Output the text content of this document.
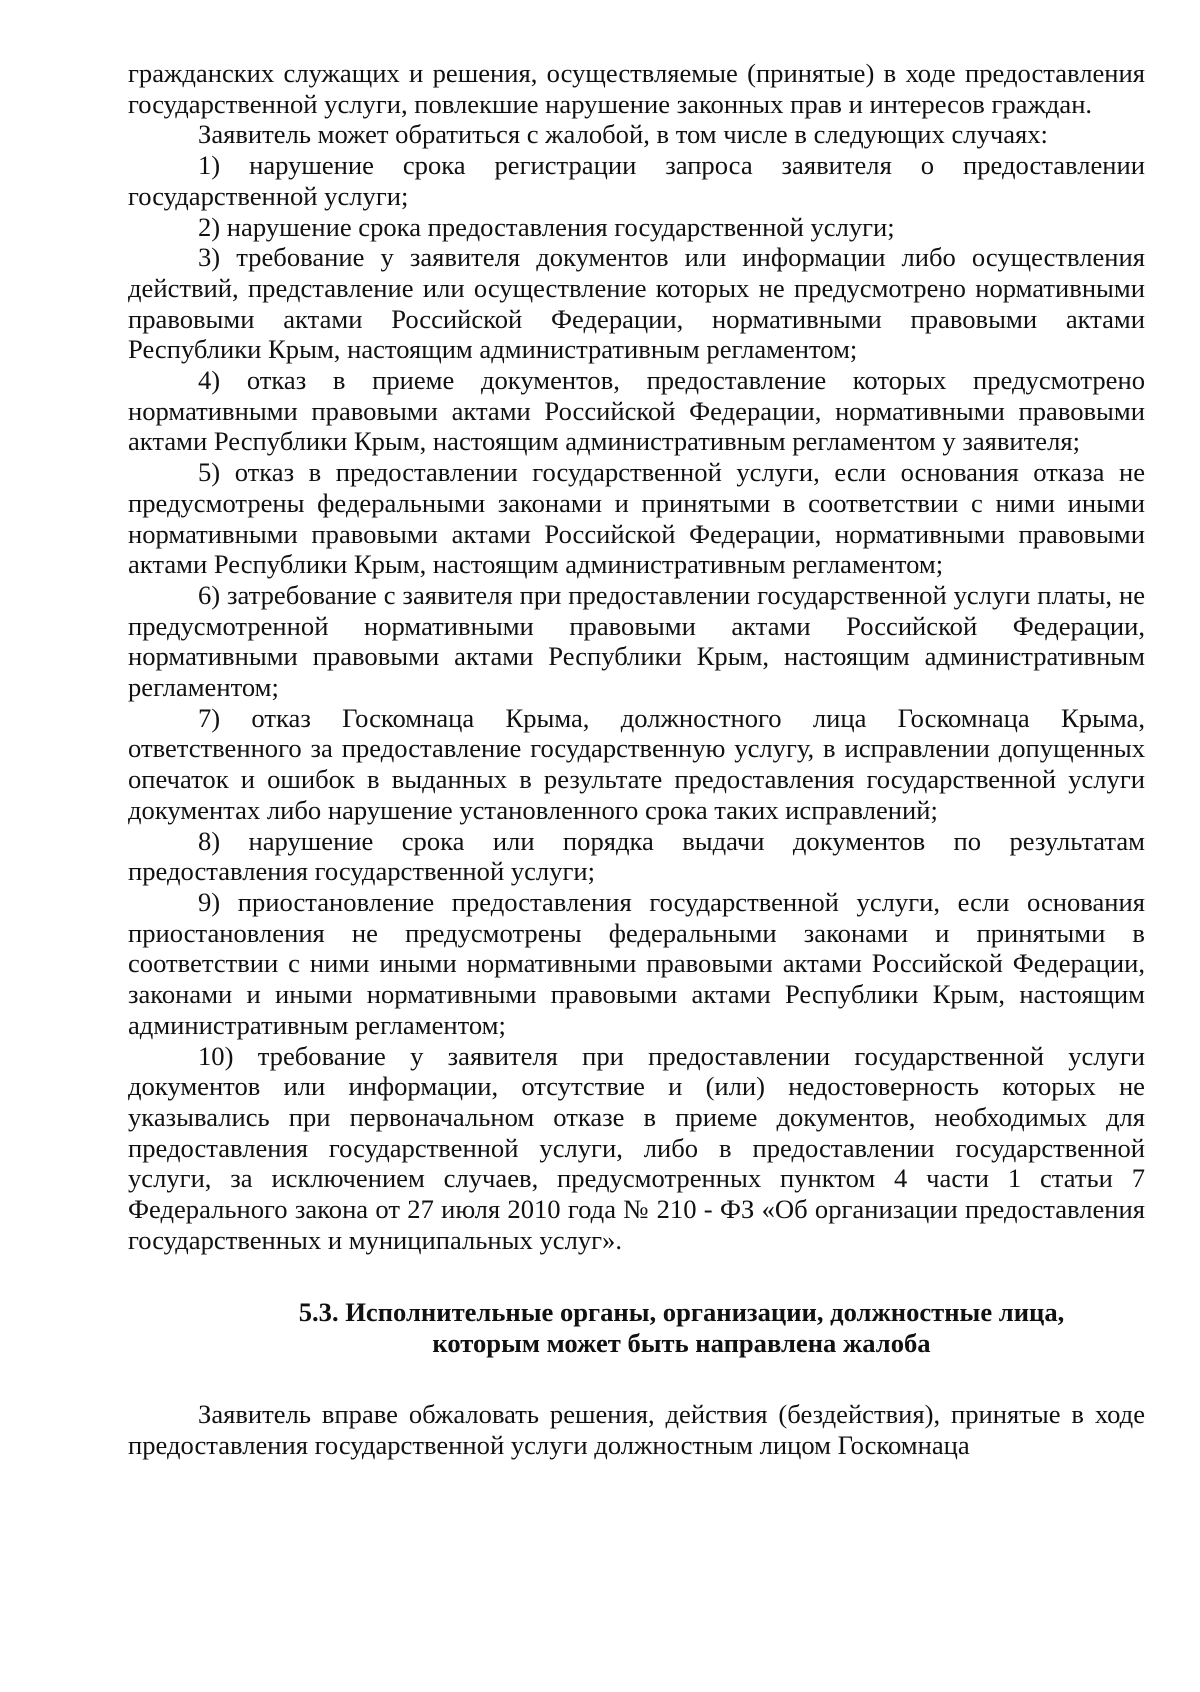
гражданских служащих и решения, осуществляемые (принятые) в ходе предоставления государственной услуги, повлекшие нарушение законных прав и интересов граждан.

Заявитель может обратиться с жалобой, в том числе в следующих случаях:

1) нарушение срока регистрации запроса заявителя о предоставлении государственной услуги;

2) нарушение срока предоставления государственной услуги;

3) требование у заявителя документов или информации либо осуществления действий, представление или осуществление которых не предусмотрено нормативными правовыми актами Российской Федерации, нормативными правовыми актами Республики Крым, настоящим административным регламентом;

4) отказ в приеме документов, предоставление которых предусмотрено нормативными правовыми актами Российской Федерации, нормативными правовыми актами Республики Крым, настоящим административным регламентом у заявителя;

5) отказ в предоставлении государственной услуги, если основания отказа не предусмотрены федеральными законами и принятыми в соответствии с ними иными нормативными правовыми актами Российской Федерации, нормативными правовыми актами Республики Крым, настоящим административным регламентом;

6) затребование с заявителя при предоставлении государственной услуги платы, не предусмотренной нормативными правовыми актами Российской Федерации, нормативными правовыми актами Республики Крым, настоящим административным регламентом;

7) отказ Госкомнаца Крыма, должностного лица Госкомнаца Крыма, ответственного за предоставление государственную услугу, в исправлении допущенных опечаток и ошибок в выданных в результате предоставления государственной услуги документах либо нарушение установленного срока таких исправлений;

8) нарушение срока или порядка выдачи документов по результатам предоставления государственной услуги;

9) приостановление предоставления государственной услуги, если основания приостановления не предусмотрены федеральными законами и принятыми в соответствии с ними иными нормативными правовыми актами Российской Федерации, законами и иными нормативными правовыми актами Республики Крым, настоящим административным регламентом;

10) требование у заявителя при предоставлении государственной услуги документов или информации, отсутствие и (или) недостоверность которых не указывались при первоначальном отказе в приеме документов, необходимых для предоставления государственной услуги, либо в предоставлении государственной услуги, за исключением случаев, предусмотренных пунктом 4 части 1 статьи 7 Федерального закона от 27 июля 2010 года № 210 - ФЗ «Об организации предоставления государственных и муниципальных услуг».

5.3. Исполнительные органы, организации, должностные лица,

которым может быть направлена жалоба

Заявитель вправе обжаловать решения, действия (бездействия), принятые в ходе предоставления государственной услуги должностным лицом Госкомнаца
